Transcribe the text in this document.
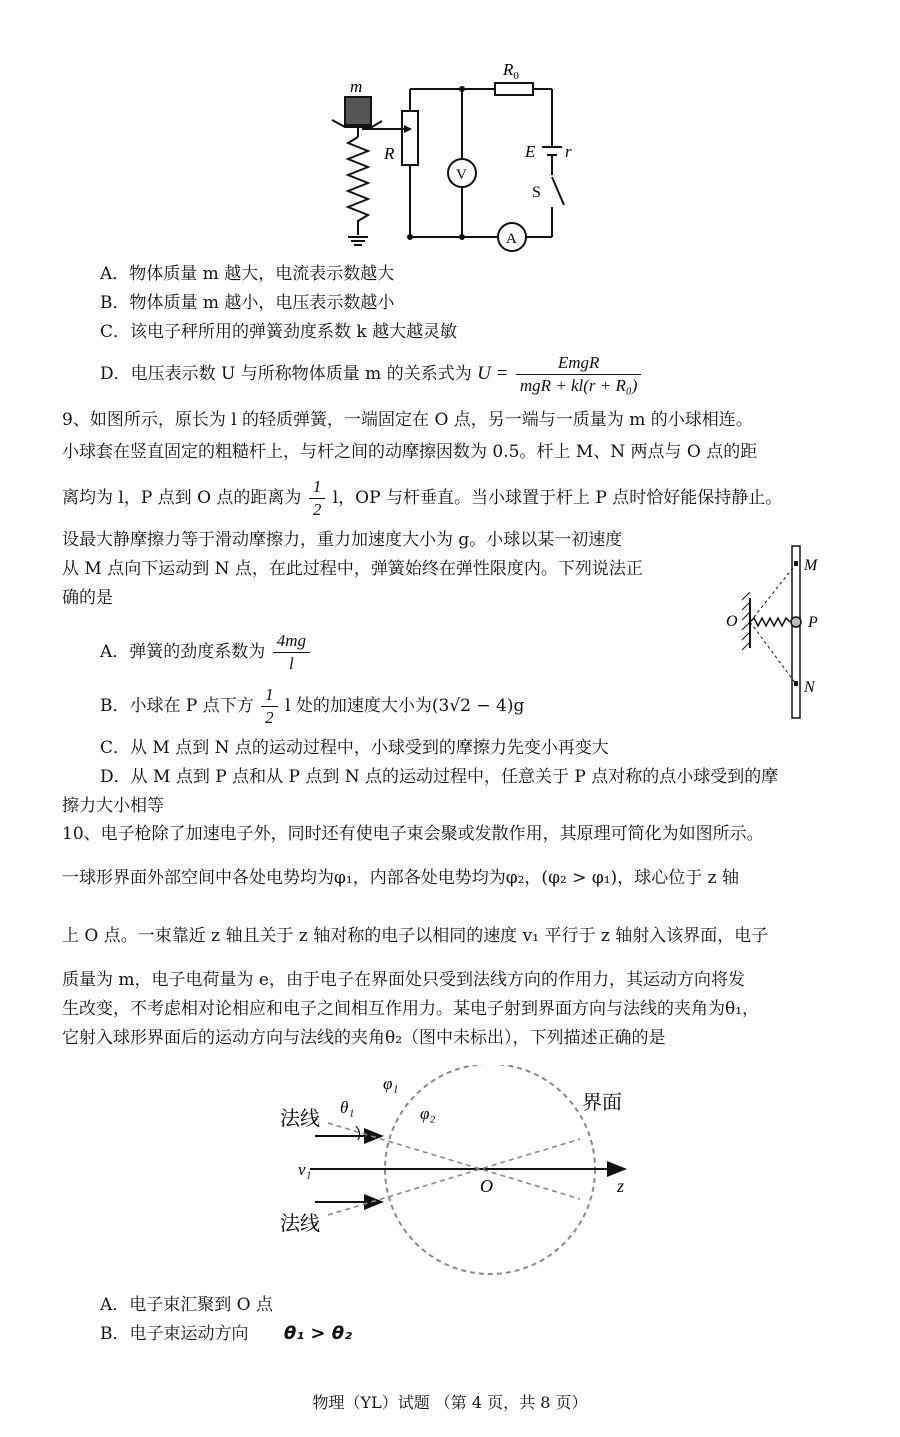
m
$R_0$
R	E r
S
V
A
A．物体质量 m 越大，电流表示数越大
B．物体质量 m 越小，电压表示数越小
C．该电子秤所用的弹簧劲度系数 k 越大越灵敏
D．电压表示数 U 与所称物体质量 m 的关系式为 $U = \frac{\text{EmgR}}{\text{mgR + kl(r + R₀)}}$
9、如图所示，原长为 l 的轻质弹簧，一端固定在 O 点，另一端与一质量为 m 的小球相连。
小球套在竖直固定的粗糙杆上，与杆之间的动摩擦因数为 0.5。杆上 M、N 两点与 O 点的距
离均为 l，P 点到 O 点的距离为 $\frac{1}{2}$ l，OP 与杆垂直。当小球置于杆上 P 点时恰好能保持静止。
设最大静摩擦力等于滑动摩擦力，重力加速度大小为 g。小球以某一初速度
从 M 点向下运动到 N 点，在此过程中，弹簧始终在弹性限度内。下列说法正
确的是
A．弹簧的劲度系数为 $\frac{4mg}{l}$
B．小球在 P 点下方 $\frac{1}{2}$ l 处的加速度大小为(3√2 − 4)g
C．从 M 点到 N 点的运动过程中，小球受到的摩擦力先变小再变大
D．从 M 点到 P 点和从 P 点到 N 点的运动过程中，任意关于 P 点对称的点小球受到的摩
擦力大小相等
M
O	P
N
10、电子枪除了加速电子外，同时还有使电子束会聚或发散作用，其原理可简化为如图所示。
一球形界面外部空间中各处电势均为φ₁，内部各处电势均为φ₂，(φ₂ > φ₁)，球心位于 z 轴
上 O 点。一束靠近 z 轴且关于 z 轴对称的电子以相同的速度 v₁ 平行于 z 轴射入该界面，电子
质量为 m，电子电荷量为 e，由于电子在界面处只受到法线方向的作用力，其运动方向将发
生改变，不考虑相对论相应和电子之间相互作用力。某电子射到界面方向与法线的夹角为θ₁，
它射入球形界面后的运动方向与法线的夹角θ₂（图中未标出），下列描述正确的是
法线
法线
θ₁
φ₁
φ₂	界面
v₁
O	z
A．电子束汇聚到 O 点
B．电子束运动方向 θ₁ > θ₂
物理（YL）试题 （第 4 页，共 8 页）
